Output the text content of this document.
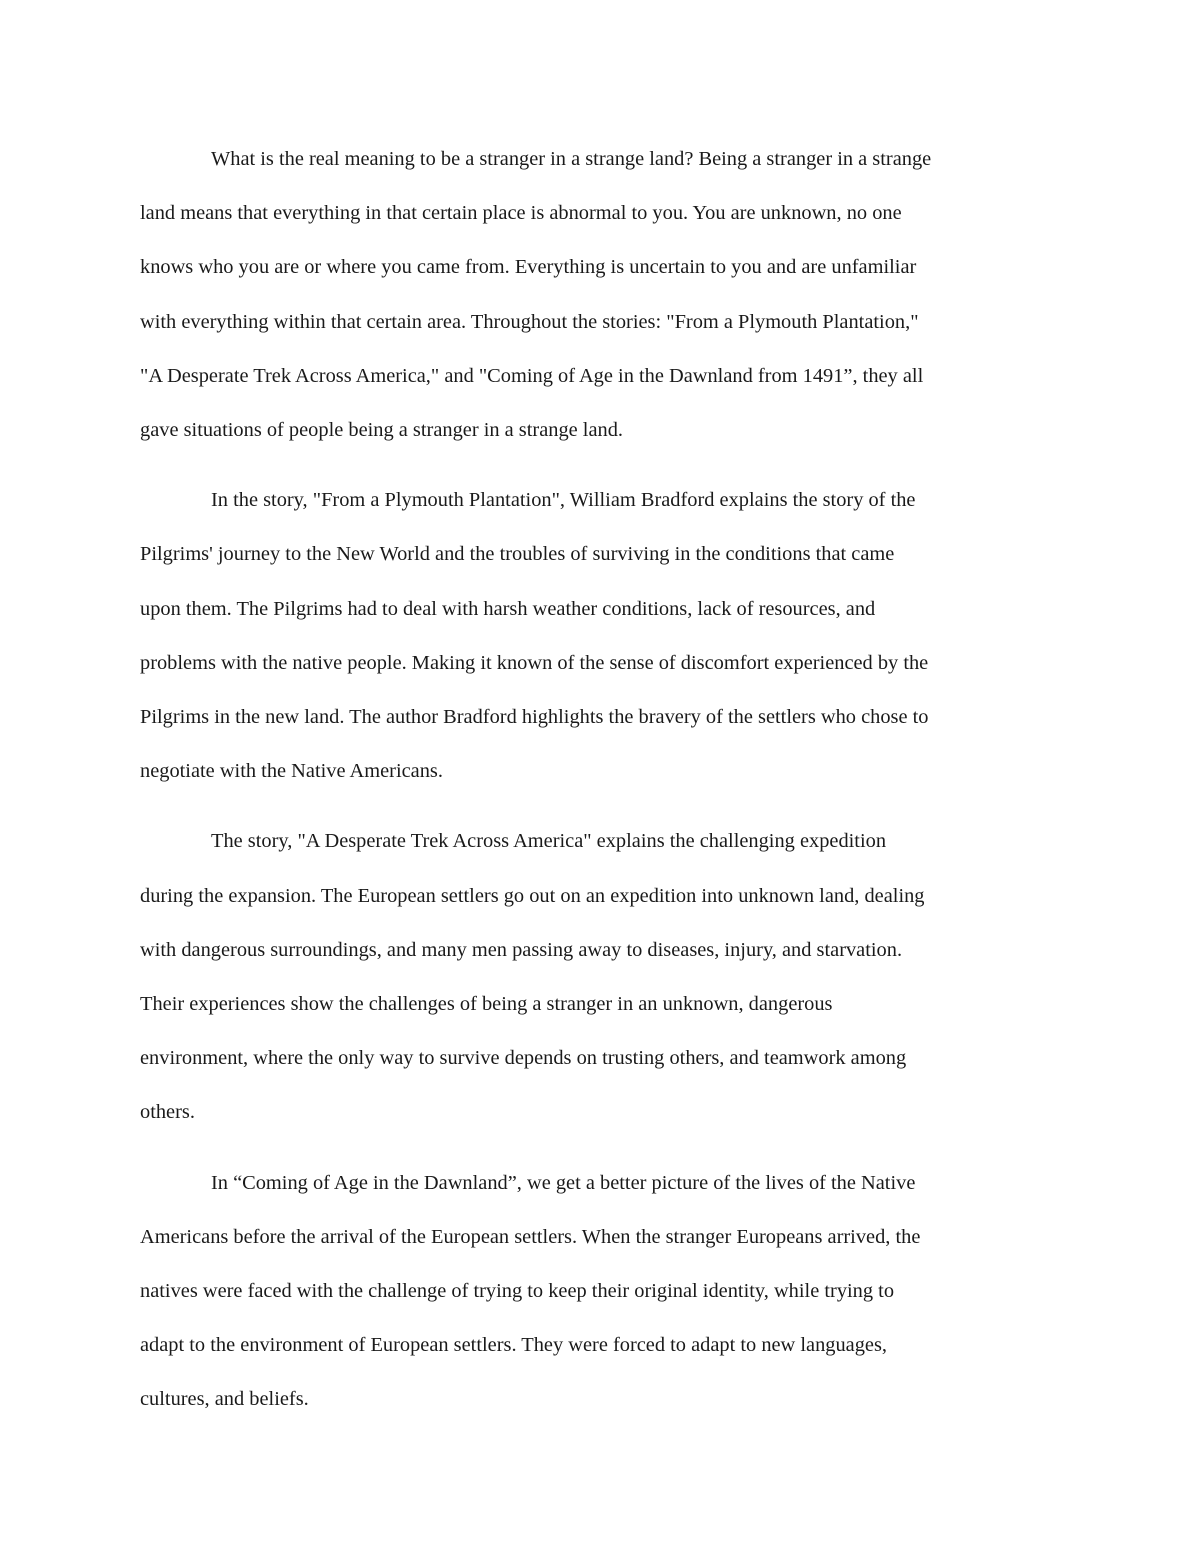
What is the real meaning to be a stranger in a strange land? Being a stranger in a strange
land means that everything in that certain place is abnormal to you. You are unknown, no one
knows who you are or where you came from. Everything is uncertain to you and are unfamiliar
with everything within that certain area. Throughout the stories: "From a Plymouth Plantation,"
"A Desperate Trek Across America," and "Coming of Age in the Dawnland from 1491”, they all
gave situations of people being a stranger in a strange land.
In the story, "From a Plymouth Plantation", William Bradford explains the story of the
Pilgrims' journey to the New World and the troubles of surviving in the conditions that came
upon them. The Pilgrims had to deal with harsh weather conditions, lack of resources, and
problems with the native people. Making it known of the sense of discomfort experienced by the
Pilgrims in the new land. The author Bradford highlights the bravery of the settlers who chose to
negotiate with the Native Americans.
The story, "A Desperate Trek Across America" explains the challenging expedition
during the expansion. The European settlers go out on an expedition into unknown land, dealing
with dangerous surroundings, and many men passing away to diseases, injury, and starvation.
Their experiences show the challenges of being a stranger in an unknown, dangerous
environment, where the only way to survive depends on trusting others, and teamwork among
others.
In “Coming of Age in the Dawnland”, we get a better picture of the lives of the Native
Americans before the arrival of the European settlers. When the stranger Europeans arrived, the
natives were faced with the challenge of trying to keep their original identity, while trying to
adapt to the environment of European settlers. They were forced to adapt to new languages,
cultures, and beliefs.
